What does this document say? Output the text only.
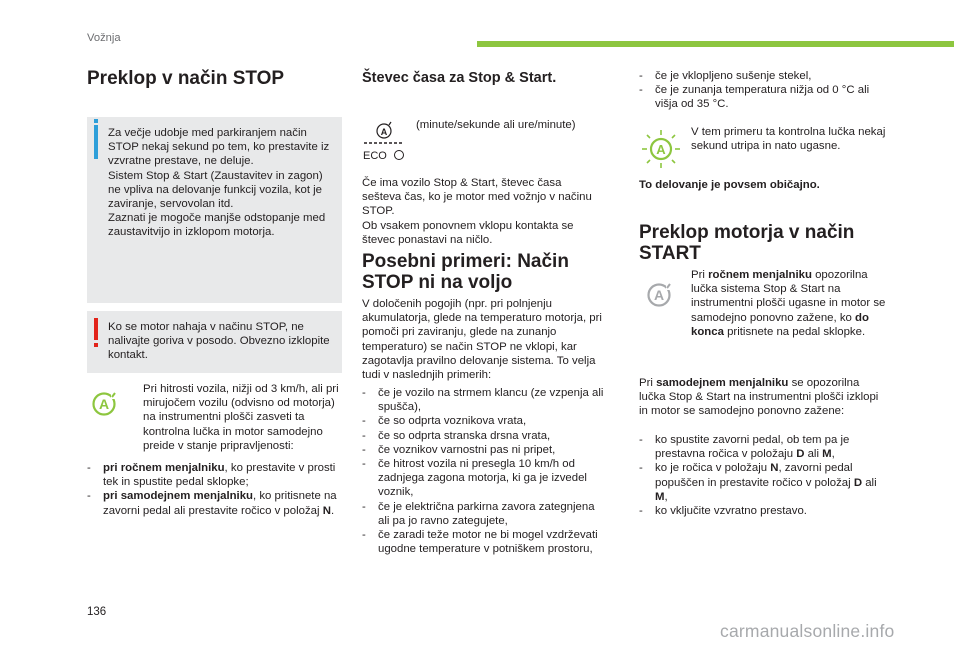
Vožnja
Preklop v način STOP

Za večje udobje med parkiranjem način STOP nekaj sekund po tem, ko prestavite iz vzvratne prestave, ne deluje.

Sistem Stop & Start (Zaustavitev in zagon) ne vpliva na delovanje funkcij vozila, kot je zaviranje, servovolan itd.

Zaznati je mogoče manjše odstopanje med zaustavitvijo in izklopom motorja.

Ko se motor nahaja v načinu STOP, ne nalivajte goriva v posodo. Obvezno izklopite kontakt.
A
Pri hitrosti vozila, nižji od 3 km/h, ali pri mirujočem vozilu (odvisno od motorja) na instrumentni plošči zasveti ta kontrolna lučka in motor samodejno preide v stanje pripravljenosti:
- pri ročnem menjalniku, ko prestavite v prosti tek in spustite pedal sklopke;
- pri samodejnem menjalniku, ko pritisnete na zavorni pedal ali prestavite ročico v položaj N.
Števec časa za Stop & Start.
A
ECO
(minute/sekunde ali ure/minute)

Če ima vozilo Stop & Start, števec časa sešteva čas, ko je motor med vožnjo v načinu STOP.

Ob vsakem ponovnem vklopu kontakta se števec ponastavi na ničlo.

Posebni primeri: Način
STOP ni na voljo
V določenih pogojih (npr. pri polnjenju akumulatorja, glede na temperaturo motorja, pri pomoči pri zaviranju, glede na zunanjo temperaturo) se način STOP ne vklopi, kar zagotavlja pravilno delovanje sistema. To velja tudi v naslednjih primerih:
- če je vozilo na strmem klancu (ze vzpenja ali spušča),
- če so odprta voznikova vrata,
- če so odprta stranska drsna vrata,
- če voznikov varnostni pas ni pripet,
- če hitrost vozila ni presegla 10 km/h od zadnjega zagona motorja, ki ga je izvedel voznik,
- če je električna parkirna zavora zategnjena ali pa jo ravno zategujete,
- če zaradi teže motor ne bi mogel vzdrževati ugodne temperature v potniškem prostoru,
- če je vklopljeno sušenje stekel,
- če je zunanja temperatura nižja od 0 °C ali višja od 35 °C.
A
V tem primeru ta kontrolna lučka nekaj sekund utripa in nato ugasne.
To delovanje je povsem običajno.
Preklop motorja v način
START
A
Pri ročnem menjalniku opozorilna lučka sistema Stop & Start na instrumentni plošči ugasne in motor se samodejno ponovno zažene, ko do konca pritisnete na pedal sklopke.
Pri samodejnem menjalniku se opozorilna lučka Stop & Start na instrumentni plošči izklopi in motor se samodejno ponovno zažene:
- ko spustite zavorni pedal, ob tem pa je prestavna ročica v položaju D ali M,
- ko je ročica v položaju N, zavorni pedal popuščen in prestavite ročico v položaj D ali M,
- ko vključite vzvratno prestavo.
136
carmanualsonline.info
